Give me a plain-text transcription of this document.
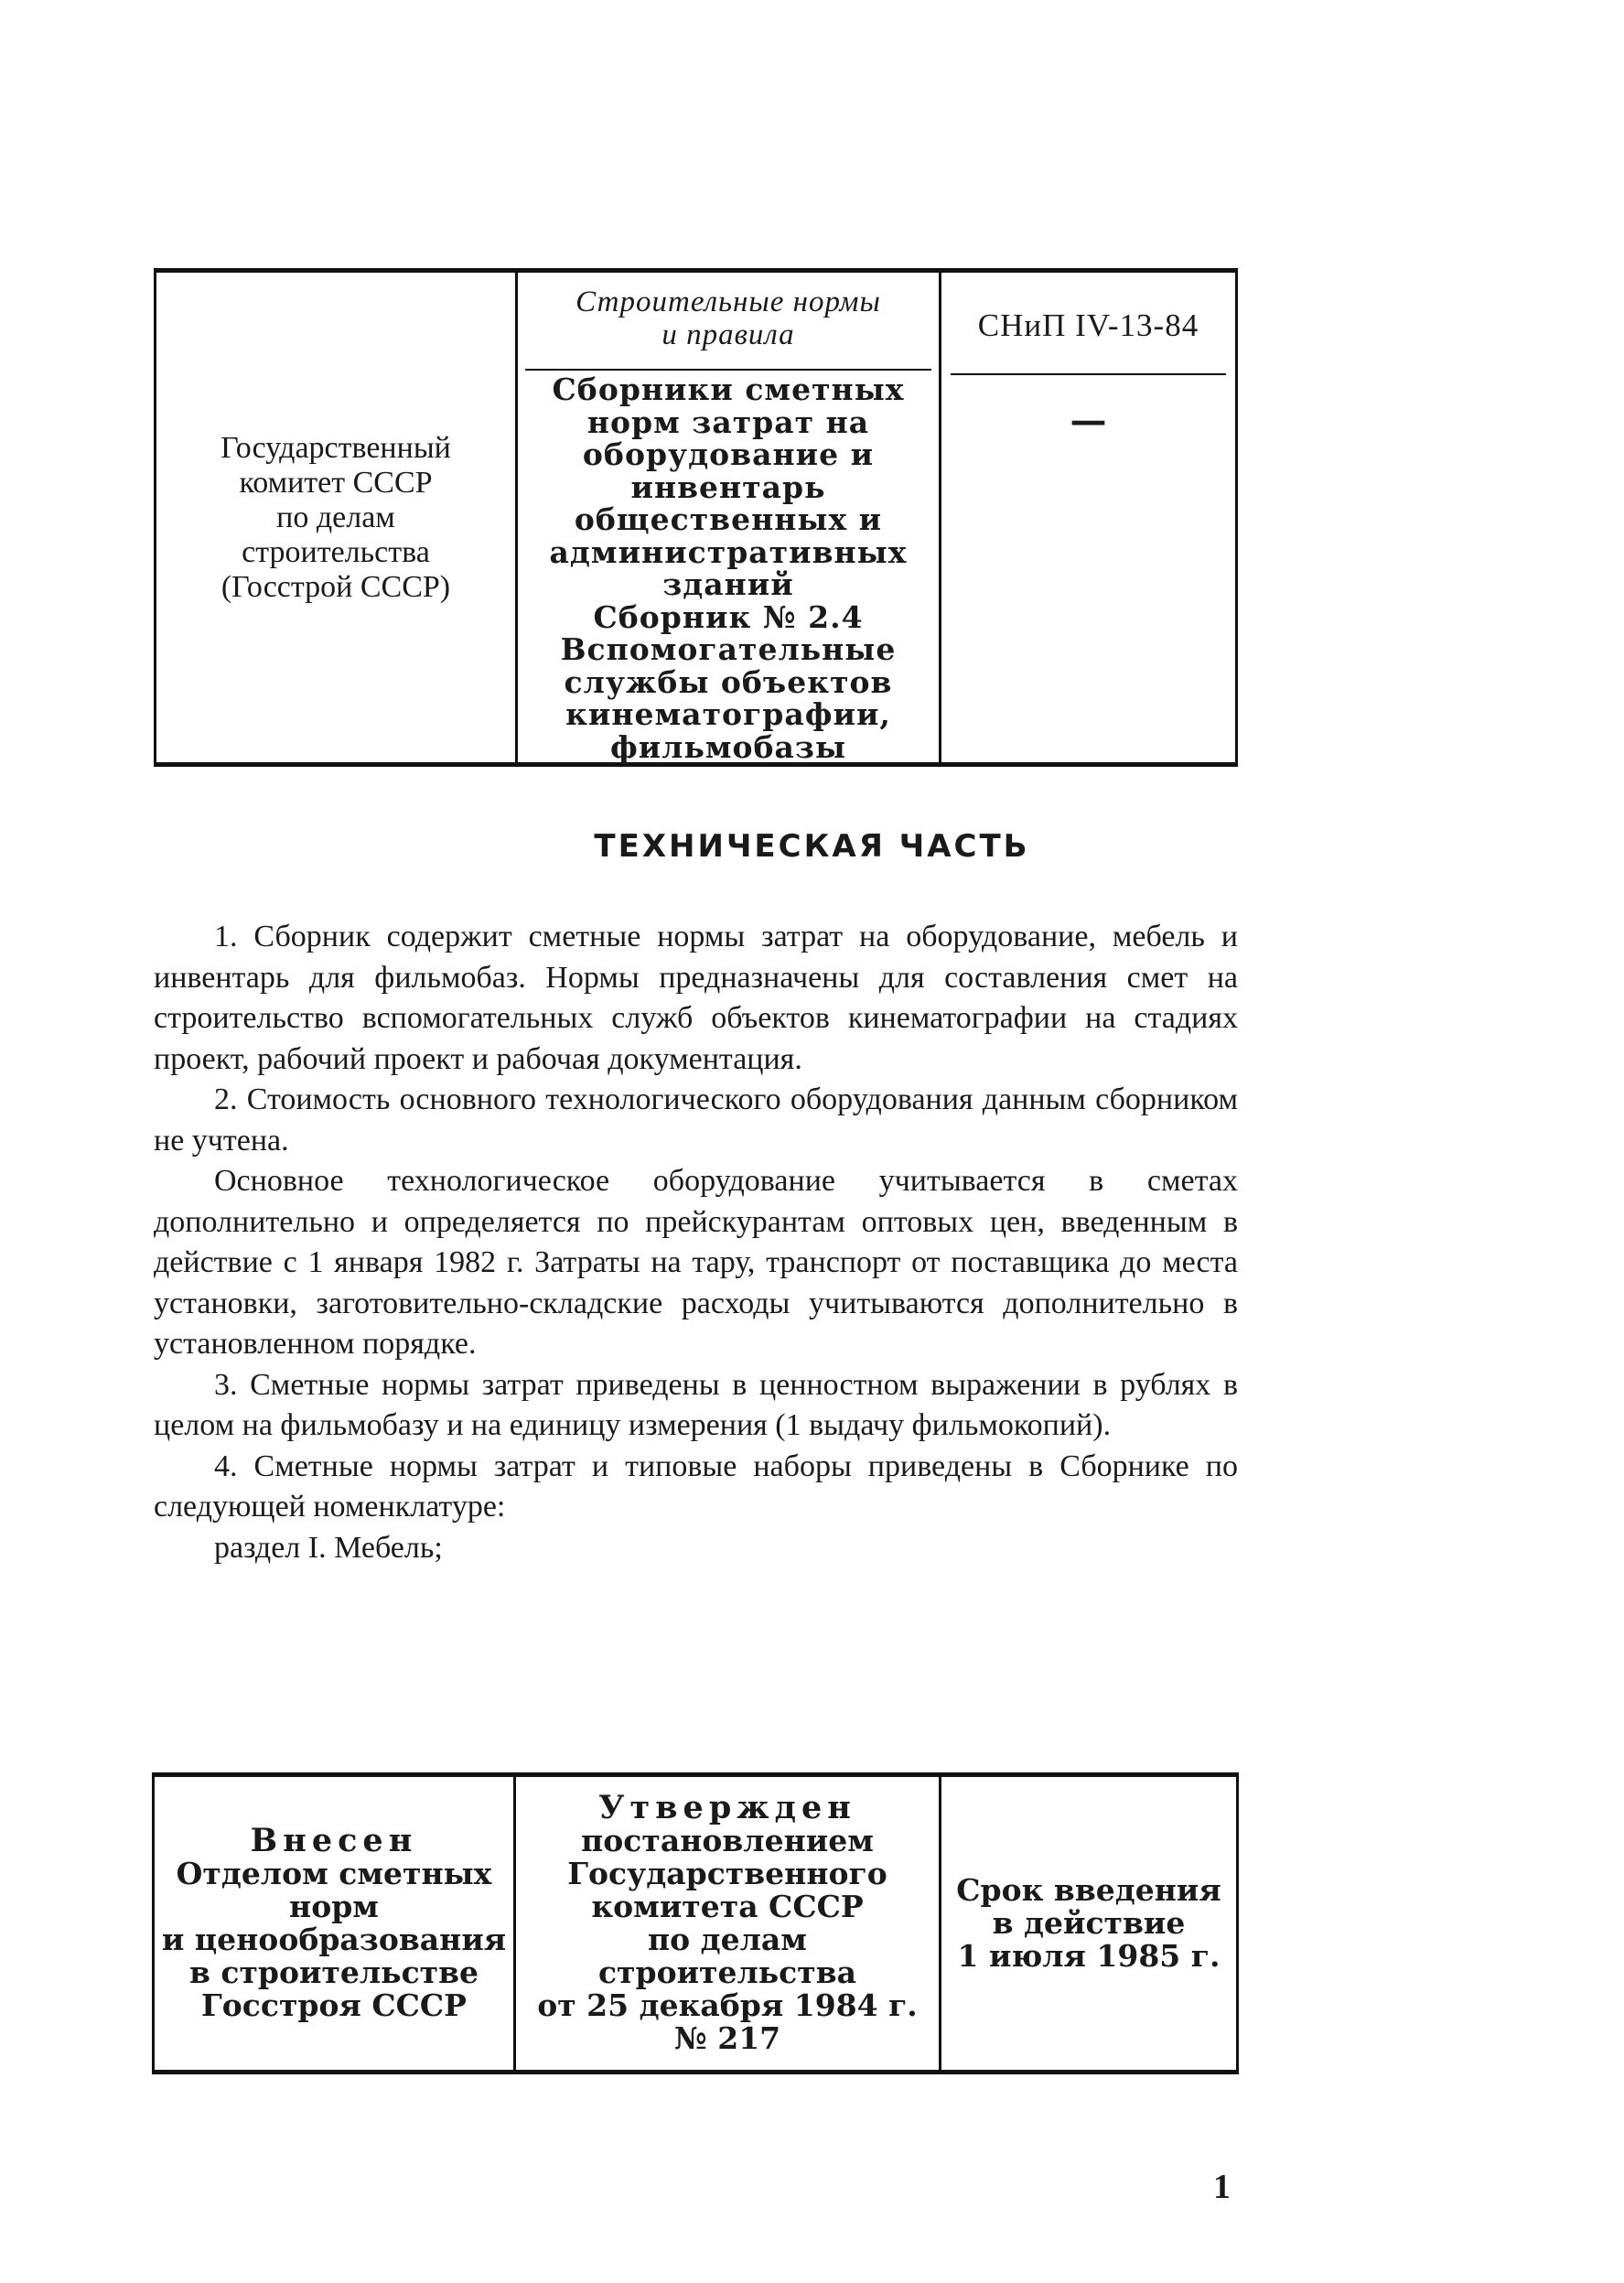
Государственный
комитет СССР
по делам
строительства
(Госстрой СССР)
Строительные нормы
и правила
Сборники сметных
норм затрат на
оборудование и
инвентарь
общественных и
административных
зданий
Сборник № 2.4
Вспомогательные
службы объектов
кинематографии,
фильмобазы
СНиП IV-13-84
—
ТЕХНИЧЕСКАЯ ЧАСТЬ

1. Сборник содержит сметные нормы затрат на оборудование, мебель и инвентарь для фильмобаз. Нормы предназначены для составления смет на строительство вспомогательных служб объектов кинематографии на стадиях проект, рабочий проект и рабочая документация.

2. Стоимость основного технологического оборудования данным сборником не учтена.

Основное технологическое оборудование учитывается в сметах дополнительно и определяется по прейскурантам оптовых цен, введенным в действие с 1 января 1982 г. Затраты на тару, транспорт от поставщика до места установки, заготовительно-складские расходы учитываются дополнительно в установленном порядке.

3. Сметные нормы затрат приведены в ценностном выражении в рублях в целом на фильмобазу и на единицу измерения (1 выдачу фильмокопий).

4. Сметные нормы затрат и типовые наборы приведены в Сборнике по следующей номенклатуре:

раздел I. Мебель;

Внесен
Отделом сметных
норм
и ценообразования
в строительстве
Госстроя СССР
Утвержден
постановлением
Государственного
комитета СССР
по делам строительства
от 25 декабря 1984 г.
№ 217
Срок введения
в действие
1 июля 1985 г.
1
